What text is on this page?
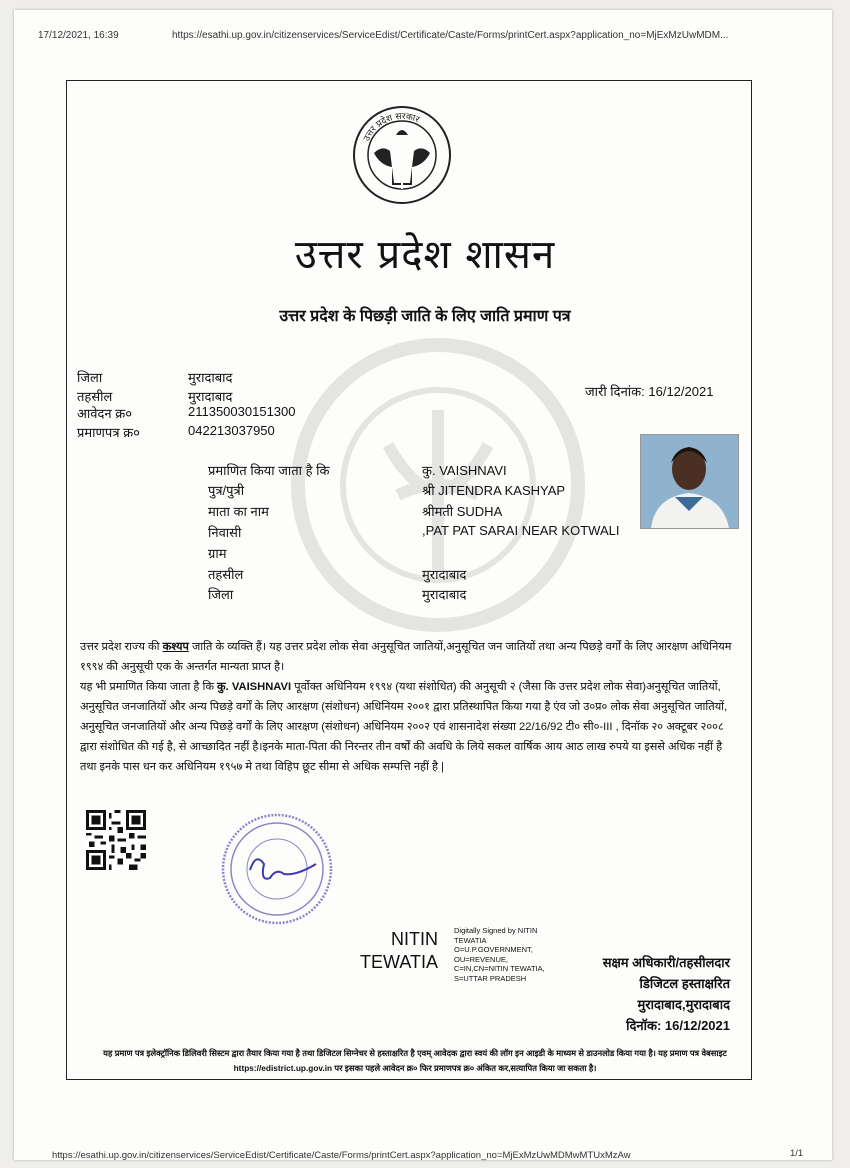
17/12/2021, 16:39	https://esathi.up.gov.in/citizenservices/ServiceEdist/Certificate/Caste/Forms/printCert.aspx?application_no=MjExMzUwMDM...
उत्तर प्रदेश सरकार
उत्तर प्रदेश शासन
उत्तर प्रदेश के पिछड़ी जाति के लिए जाति प्रमाण पत्र
जिला	मुरादाबाद
तहसील	मुरादाबाद
आवेदन क्र०	211350030151300
प्रमाणपत्र क्र०	042213037950
जारी दिनांक: 16/12/2021
प्रमाणित किया जाता है कि	कु. VAISHNAVI
पुत्र/पुत्री	श्री JITENDRA KASHYAP
माता का नाम	श्रीमती SUDHA
निवासी	,PAT PAT SARAI NEAR KOTWALI
ग्राम
तहसील	मुरादाबाद
जिला	मुरादाबाद

उत्तर प्रदेश राज्य की कश्यप जाति के व्यक्ति हैं। यह उत्तर प्रदेश लोक सेवा अनुसूचित जातियों,अनुसूचित जन जातियों तथा अन्य पिछड़े वर्गों के लिए आरक्षण अधिनियम १९९४ की अनुसूची एक के अन्तर्गत मान्यता प्राप्त है।

यह भी प्रमाणित किया जाता है कि कु. VAISHNAVI पूर्वोक्त अधिनियम १९९४ (यथा संशोधित) की अनुसूची २ (जैसा कि उत्तर प्रदेश लोक सेवा)अनुसूचित जातियों, अनुसूचित जनजातियों और अन्य पिछड़े वर्गों के लिए आरक्षण (संशोधन) अधिनियम २००१ द्वारा प्रतिस्थापित किया गया है एंव जो उ०प्र० लोक सेवा अनुसूचित जातियों, अनुसूचित जनजातियों और अन्य पिछड़े वर्गों के लिए आरक्षण (संशोधन) अधिनियम २००२ एवं शासनादेश संख्या 22/16/92 टी० सी०-III , दिनॉक २० अक्टूबर २००८ द्वारा संशोधित की गई है, से आच्छादित नहीं है।इनके माता-पिता की निरन्तर तीन वर्षों की अवधि के लिये सकल वार्षिक आय आठ लाख रुपये या इससे अधिक नहीं है तथा इनके पास धन कर अधिनियम १९५७ मे तथा विहिप छूट सीमा से अधिक सम्पत्ति नहीं है |

NITIN
TEWATIA
Digitally Signed by NITIN TEWATIA O=U.P.GOVERNMENT, OU=REVENUE, C=IN,CN=NITIN TEWATIA, S=UTTAR PRADESH
सक्षम अधिकारी/तहसीलदार
डिजिटल हस्ताक्षरित
मुरादाबाद,मुरादाबाद
दिनॉक: 16/12/2021
यह प्रमाण पत्र इलेक्ट्रॉनिक डिलिवरी सिस्टम द्वारा तैयार किया गया है तथा डिजिटल सिग्नेचर से हस्ताक्षरित है एवम् आवेदक द्वारा स्वयं की लॉग इन आइडी के माध्यम से डाउनलोड किया गया है। यह प्रमाण पत्र वेबसाइट https://edistrict.up.gov.in पर इसका पहले आवेदन क्र० फिर प्रमाणपत्र क्र० अंकित कर,सत्यापित किया जा सकता है।
https://esathi.up.gov.in/citizenservices/ServiceEdist/Certificate/Caste/Forms/printCert.aspx?application_no=MjExMzUwMDMwMTUxMzAw	1/1
